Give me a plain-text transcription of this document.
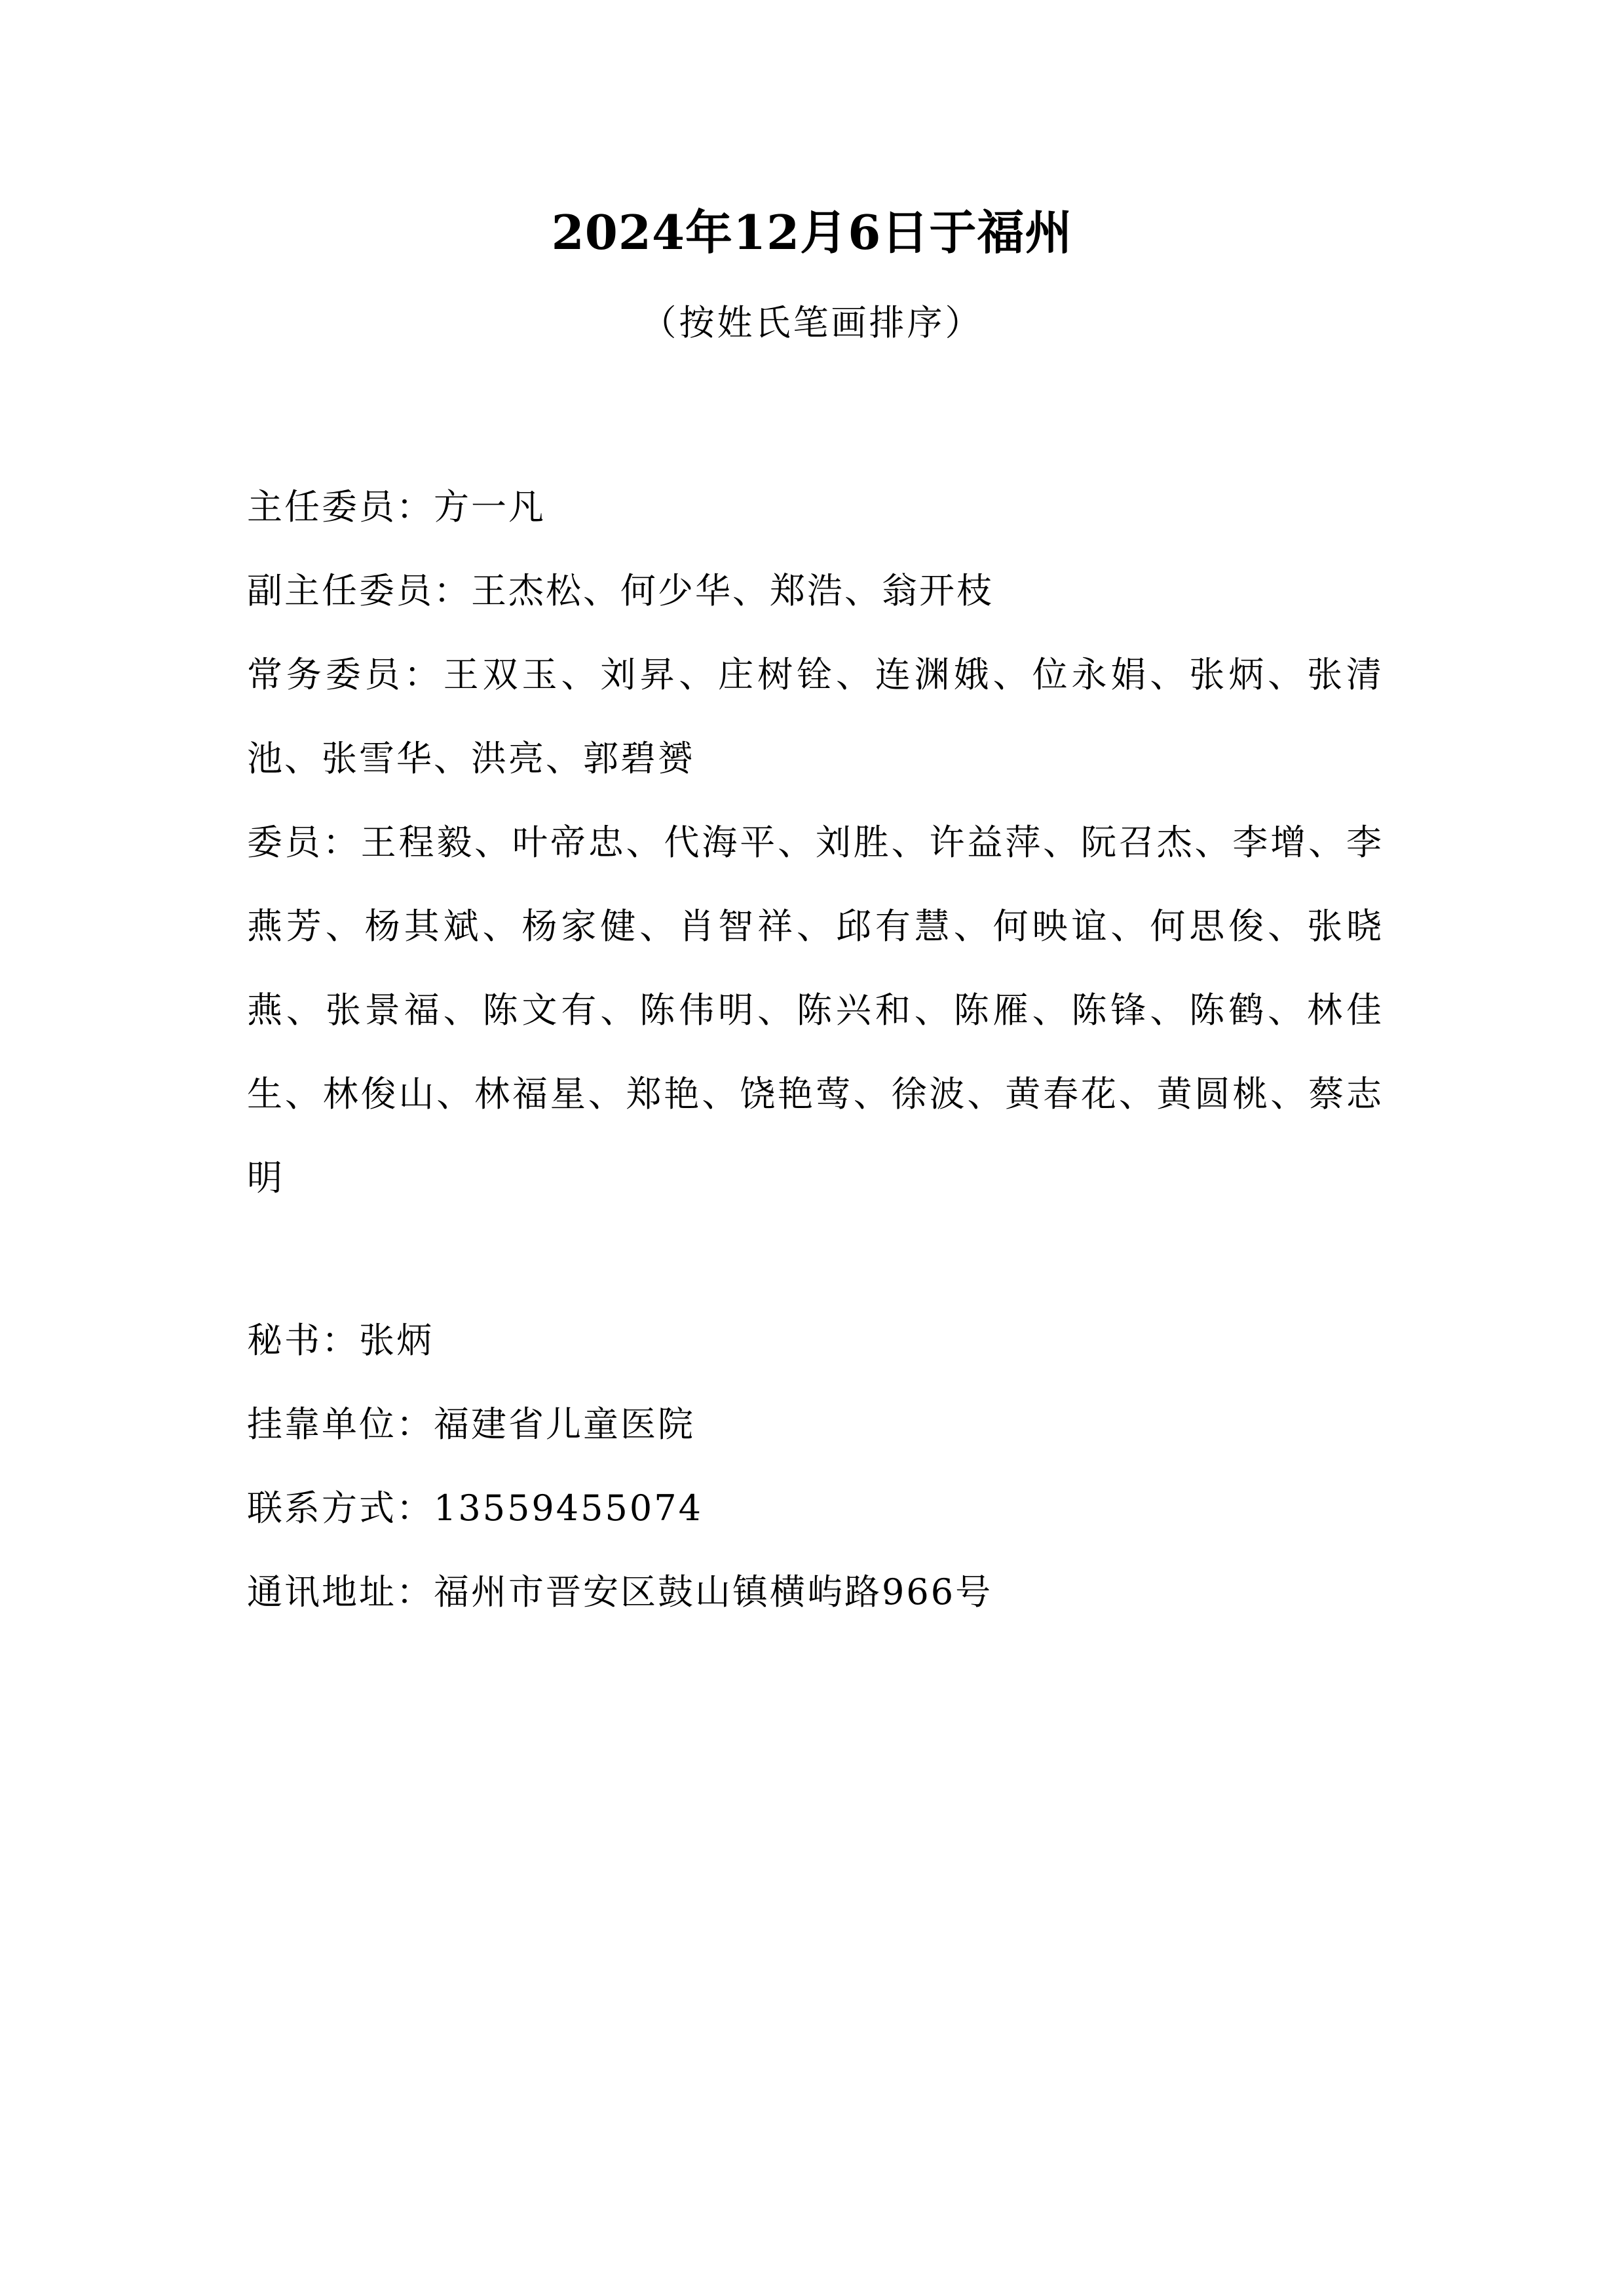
2024年12月6日于福州
（按姓氏笔画排序）

主任委员：方一凡

副主任委员：王杰松、何少华、郑浩、翁开枝

常务委员：王双玉、刘昇、庄树铨、连渊娥、位永娟、张炳、张清池、张雪华、洪亮、郭碧赟

委员：王程毅、叶帝忠、代海平、刘胜、许益萍、阮召杰、李增、李燕芳、杨其斌、杨家健、肖智祥、邱有慧、何映谊、何思俊、张晓燕、张景福、陈文有、陈伟明、陈兴和、陈雁、陈锋、陈鹤、林佳生、林俊山、林福星、郑艳、饶艳莺、徐波、黄春花、黄圆桃、蔡志明

秘书：张炳

挂靠单位：福建省儿童医院

联系方式：13559455074

通讯地址：福州市晋安区鼓山镇横屿路966号
